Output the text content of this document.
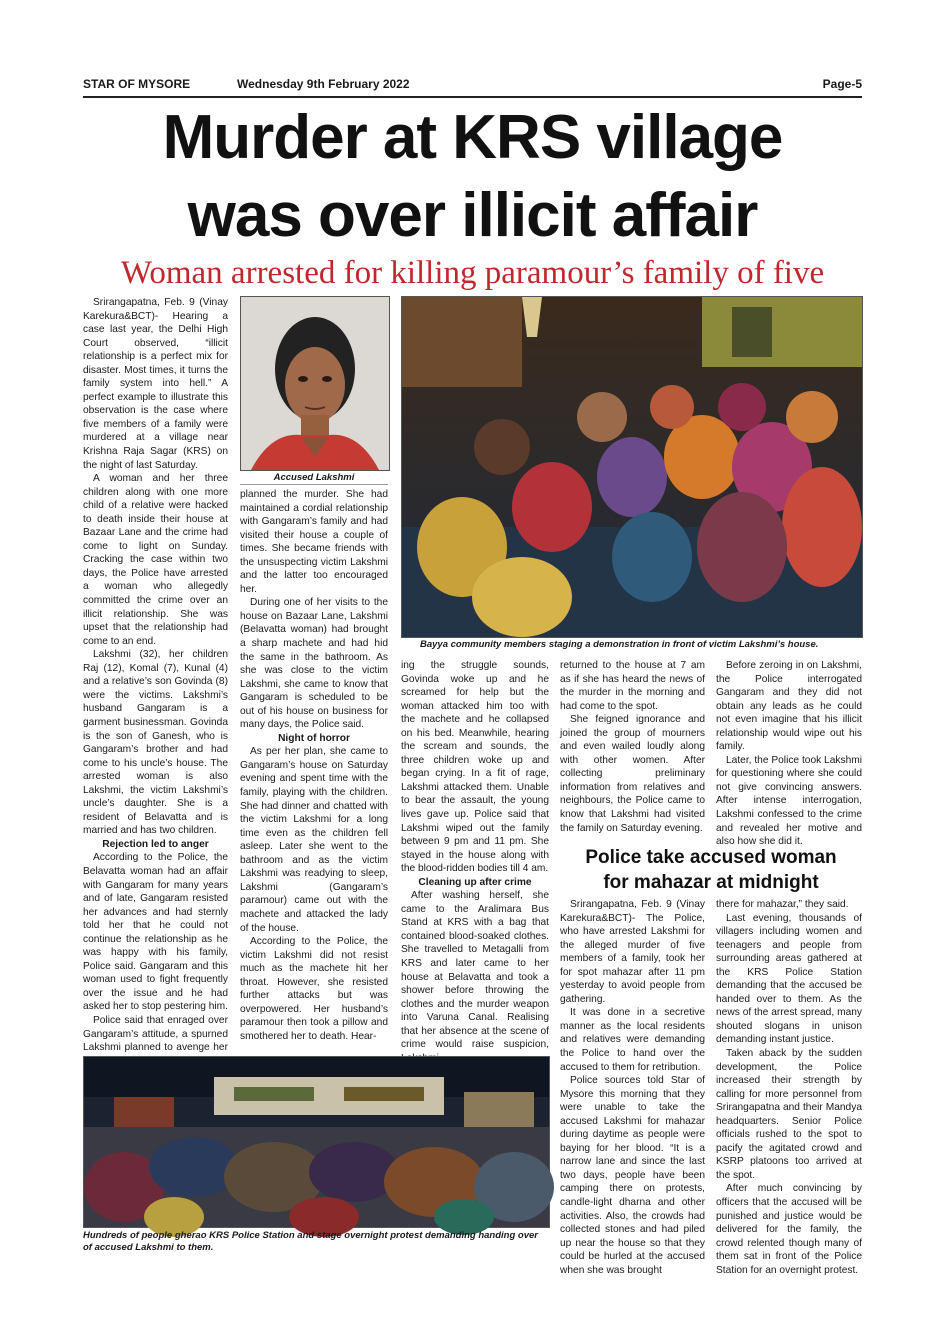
STAR OF MYSORE	Wednesday 9th February 2022	Page-5
Murder at KRS village
was over illicit affair
Woman arrested for killing paramour’s family of five

Srirangapatna, Feb. 9 (Vinay Karekura&BCT)- Hearing a case last year, the Delhi High Court observed, “illicit relationship is a perfect mix for disaster. Most times, it turns the family system into hell.” A perfect example to illustrate this observation is the case where five members of a family were murdered at a village near Krishna Raja Sagar (KRS) on the night of last Saturday.

A woman and her three children along with one more child of a relative were hacked to death inside their house at Bazaar Lane and the crime had come to light on Sunday. Cracking the case within two days, the Police have arrested a woman who allegedly committed the crime over an illicit relationship. She was upset that the relationship had come to an end.

Lakshmi (32), her children Raj (12), Komal (7), Kunal (4) and a relative’s son Govinda (8) were the victims. Lakshmi’s husband Gangaram is a garment businessman. Govinda is the son of Ganesh, who is Gangaram’s brother and had come to his uncle’s house. The arrested woman is also Lakshmi, the victim Lakshmi’s uncle’s daughter. She is a resident of Belavatta and is married and has two children.

Rejection led to anger

According to the Police, the Belavatta woman had an affair with Gangaram for many years and of late, Gangaram resisted her advances and had sternly told her that he could not continue the relationship as he was happy with his family, Police said. Gangaram and this woman used to fight frequently over the issue and he had asked her to stop pestering him.

Police said that enraged over Gangaram’s attitude, a spurned Lakshmi planned to avenge her

Accused Lakshmi

planned the murder. She had maintained a cordial relationship with Gangaram’s family and had visited their house a couple of times. She became friends with the unsuspecting victim Lakshmi and the latter too encouraged her.

During one of her visits to the house on Bazaar Lane, Lakshmi (Belavatta woman) had brought a sharp machete and had hid the same in the bathroom. As she was close to the victim Lakshmi, she came to know that Gangaram is scheduled to be out of his house on business for many days, the Police said.

Night of horror

As per her plan, she came to Gangaram’s house on Saturday evening and spent time with the family, playing with the children. She had dinner and chatted with the victim Lakshmi for a long time even as the children fell asleep. Later she went to the bathroom and as the victim Lakshmi was readying to sleep, Lakshmi (Gangaram’s paramour) came out with the machete and attacked the lady of the house.

According to the Police, the victim Lakshmi did not resist much as the machete hit her throat. However, she resisted further attacks but was overpowered. Her husband’s paramour then took a pillow and smothered her to death. Hear-

Bayya community members staging a demonstration in front of victim Lakshmi’s house.

ing the struggle sounds, Govinda woke up and he screamed for help but the woman attacked him too with the machete and he collapsed on his bed. Meanwhile, hearing the scream and sounds, the three children woke up and began crying. In a fit of rage, Lakshmi attacked them. Unable to bear the assault, the young lives gave up. Police said that Lakshmi wiped out the family between 9 pm and 11 pm. She stayed in the house along with the blood-ridden bodies till 4 am.

Cleaning up after crime

After washing herself, she came to the Aralimara Bus Stand at KRS with a bag that contained blood-soaked clothes. She travelled to Metagalli from KRS and later came to her house at Belavatta and took a shower before throwing the clothes and the murder weapon into Varuna Canal. Realising that her absence at the scene of crime would raise suspicion,

returned to the house at 7 am as if she has heard the news of the murder in the morning and had come to the spot.

She feigned ignorance and joined the group of mourners and even wailed loudly along with other women. After collecting preliminary information from relatives and neighbours, the Police came to know that Lakshmi had visited the family on Saturday evening.

Before zeroing in on Lakshmi, the Police interrogated Gangaram and they did not obtain any leads as he could not even imagine that his illicit relationship would wipe out his family.

Later, the Police took Lakshmi for questioning where she could not give convincing answers. After intense interrogation, Lakshmi confessed to the crime and revealed her motive and also how she did it.

Police take accused woman
for mahazar at midnight

Srirangapatna, Feb. 9 (Vinay Karekura&BCT)- The Police, who have arrested Lakshmi for the alleged murder of five members of a family, took her for spot mahazar after 11 pm yesterday to avoid people from gathering.

It was done in a secretive manner as the local residents and relatives were demanding the Police to hand over the accused to them for retribution.

Police sources told Star of Mysore this morning that they were unable to take the accused Lakshmi for mahazar during daytime as people were baying for her blood. “It is a narrow lane and since the last two days, people have been camping there on protests, candle-light dharna and other activities. Also, the crowds had collected stones and had piled up near the house so that they could be hurled at the accused when she was brought

there for mahazar,” they said.

Last evening, thousands of villagers including women and teenagers and people from surrounding areas gathered at the KRS Police Station demanding that the accused be handed over to them. As the news of the arrest spread, many shouted slogans in unison demanding instant justice.

Taken aback by the sudden development, the Police increased their strength by calling for more personnel from Srirangapatna and their Mandya headquarters. Senior Police officials rushed to the spot to pacify the agitated crowd and KSRP platoons too arrived at the spot.

After much convincing by officers that the accused will be punished and justice would be delivered for the family, the crowd relented though many of them sat in front of the Police Station for an overnight protest.

Hundreds of people gherao KRS Police Station and stage overnight protest demanding handing over of accused Lakshmi to them.
